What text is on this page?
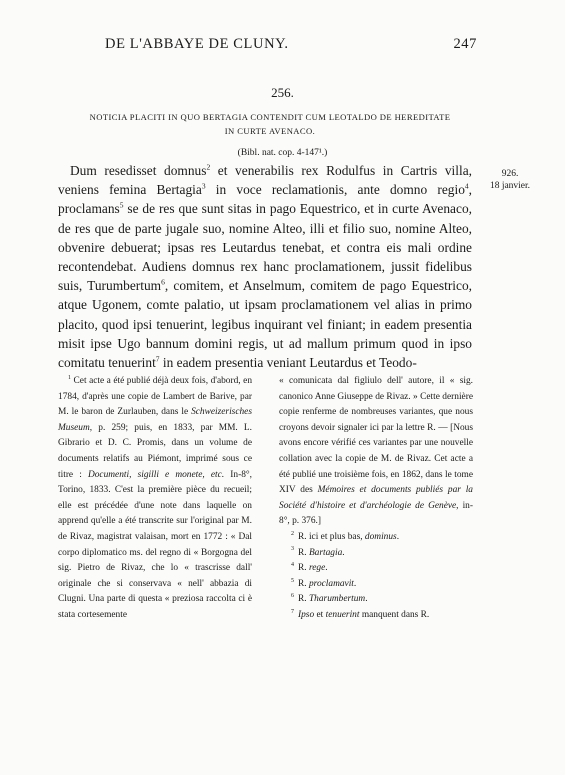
DE L'ABBAYE DE CLUNY.	247
256.
NOTICIA PLACITI IN QUO BERTAGIA CONTENDIT CUM LEOTALDO DE HEREDITATE
IN CURTE AVENACO.
(Bibl. nat. cop. 4-147¹.)
926.
18 janvier.
Dum resedisset domnus$^2$ et venerabilis rex Rodulfus in Cartris villa, veniens femina Bertagia$^3$ in voce reclamationis, ante domno regio$^4$, proclamans$^5$ se de res que sunt sitas in pago Equestrico, et in curte Avenaco, de res que de parte jugale suo, nomine Alteo, illi et filio suo, nomine Alteo, obvenire debuerat; ipsas res Leutardus tenebat, et contra eis mali ordine recontendebat. Audiens domnus rex hanc proclamationem, jussit fidelibus suis, Turumbertum$^6$, comitem, et Anselmum, comitem de pago Equestrico, atque Ugonem, comte palatio, ut ipsam proclamationem vel alias in primo placito, quod ipsi tenuerint, legibus inquirant vel finiant; in eadem presentia misit ipse Ugo bannum domini regis, ut ad mallum primum quod in ipso comitatu tenuerint$^7$ in eadem presentia veniant Leutardus et Teodo-

$^1$ Cet acte a été publié déjà deux fois, d'abord, en 1784, d'après une copie de Lambert de Barive, par M. le baron de Zurlauben, dans le Schweizerisches Museum, p. 259; puis, en 1833, par MM. L. Gibrario et D. C. Promis, dans un volume de documents relatifs au Piémont, imprimé sous ce titre : Documenti, sigilli e monete, etc. In-8°, Torino, 1833. C'est la première pièce du recueil; elle est précédée d'une note dans laquelle on apprend qu'elle a été transcrite sur l'original par M. de Rivaz, magistrat valaisan, mort en 1772 : « Dal corpo diplomatico ms. del regno di « Borgogna del sig. Pietro de Rivaz, che lo « trascrisse dall' originale che si conservava « nell' abbazia di Clugni. Una parte di questa « preziosa raccolta ci è stata cortesemente

« comunicata dal figliulo dell' autore, il « sig. canonico Anne Giuseppe de Rivaz. » Cette dernière copie renferme de nombreuses variantes, que nous croyons devoir signaler ici par la lettre R. — [Nous avons encore vérifié ces variantes par une nouvelle collation avec la copie de M. de Rivaz. Cet acte a été publié une troisième fois, en 1862, dans le tome XIV des Mémoires et documents publiés par la Société d'histoire et d'archéologie de Genève, in-8°, p. 376.]

$^2$ R. ici et plus bas, dominus.

$^3$ R. Bartagia.

$^4$ R. rege.

$^5$ R. proclamavit.

$^6$ R. Tharumbertum.

$^7$ Ipso et tenuerint manquent dans R.
